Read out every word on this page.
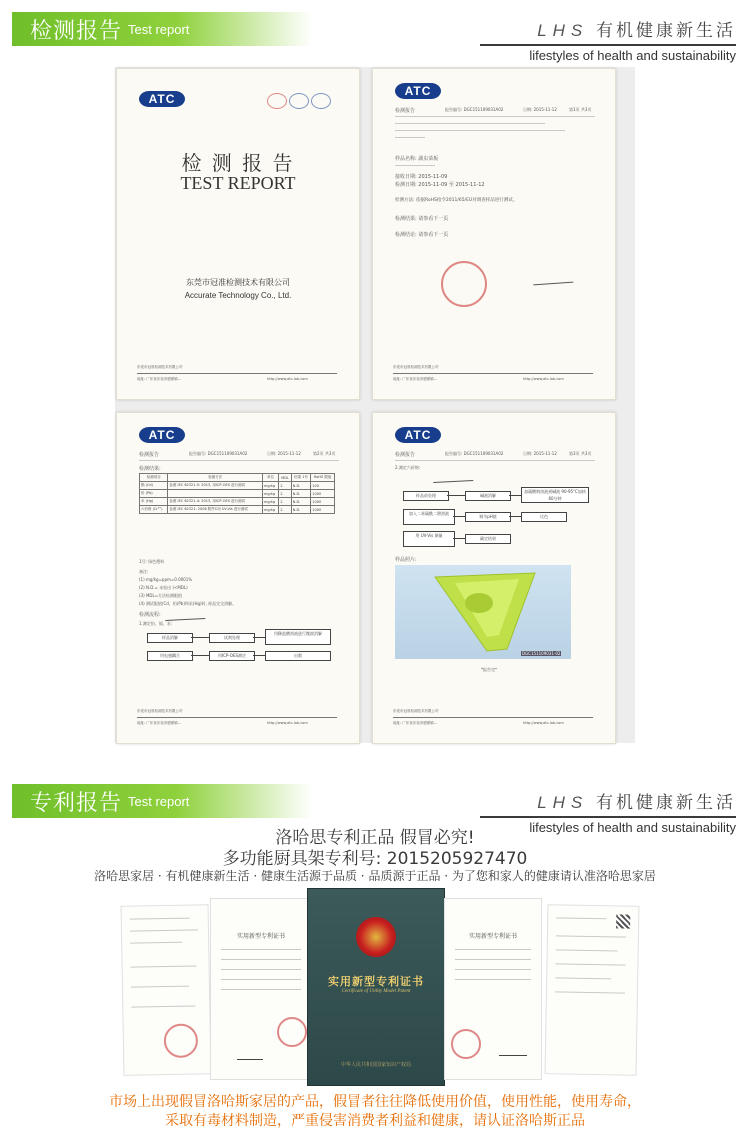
检测报告 Test report	LHS 有机健康新生活
lifestyles of health and sustainability
ATC
检 测 报 告
TEST REPORT
东莞市冠准检测技术有限公司
Accurate Technology Co., Ltd.
东莞市冠准检测技术有限公司
地址: 广东省东莞市塘厦镇...	http://www.atc-lab.com
ATC
检测报告	报告编号: DGC151109031A02	日期: 2015-11-12	第1页 共3页
样品名称: 湖虫菜板
接收日期: 2015-11-09
检测日期: 2015-11-09 至 2015-11-12
检测方法: 依据RoHS指令2011/65/EU对调查样品进行测试。
检测结果: 请参看下一页
检测结论: 请参看下一页
东莞市冠准检测技术有限公司
地址: 广东省东莞市塘厦镇...	http://www.atc-lab.com
ATC
检测报告	报告编号: DGC151109031A02	日期: 2015-11-12	第2页 共3页
检测结果:
检测项目	检测方法	单位	MDL	结果 1号	RoHS 限值
镉 (Cd)	参照 IEC 62321-5: 2013, 用ICP-OES 进行测试	mg/kg	2	N.D.	100
铅 (Pb)		mg/kg	2	N.D.	1000
汞 (Hg)	参照 IEC 62321-4: 2013, 用ICP-OES 进行测试	mg/kg	2	N.D.	1000
六价铬 (Cr⁶⁺)	参照 IEC 62321: 2008 附件C用 UV-Vis 进行测试	mg/kg	2	N.D.	1000
1号: 绿色塑料
备注:
(1) mg/kg=ppm=0.0001%
(2) N.D.= 未检出 (<MDL)
(3) MDL=方法检测限值
(4) 测试限值(Cd、铅(Pb)和汞(Hg)时, 样品完全溶解。
检测流程:
1.测定铅、镉、汞:
样品消解	试剂处理
用稀盐酸溶液进行微波消解
用电感耦合	用ICP-OES测定	出数
东莞市冠准检测技术有限公司
地址: 广东省东莞市塘厦镇...	http://www.atc-lab.com
ATC
检测报告	报告编号: DGC151109031A02	日期: 2015-11-12	第3页 共3页
2.测定六价铬:
样品前处理	碱液消解
加碳酸钠溶液到碱液 90-95°C加热60分钟
加入二苯碳酰二肼溶液
调节pH值	比色
用 UV-Vis 测量
确定结果
样品照片:
DGC151109031-02
*报告完*
东莞市冠准检测技术有限公司
地址: 广东省东莞市塘厦镇...	http://www.atc-lab.com
专利报告 Test report	LHS 有机健康新生活
lifestyles of health and sustainability
洛哈思专利正品 假冒必究!
多功能厨具架专利号: 2015205927470
洛哈思家居 · 有机健康新生活 · 健康生活源于品质 · 品质源于正品 · 为了您和家人的健康请认准洛哈思家居
实用新型专利证书
实用新型专利证书
Certificate of Utility Model Patent
中华人民共和国国家知识产权局
实用新型专利证书
市场上出现假冒洛哈斯家居的产品，假冒者往往降低使用价值，使用性能，使用寿命，
采取有毒材料制造，严重侵害消费者利益和健康，请认证洛哈斯正品
